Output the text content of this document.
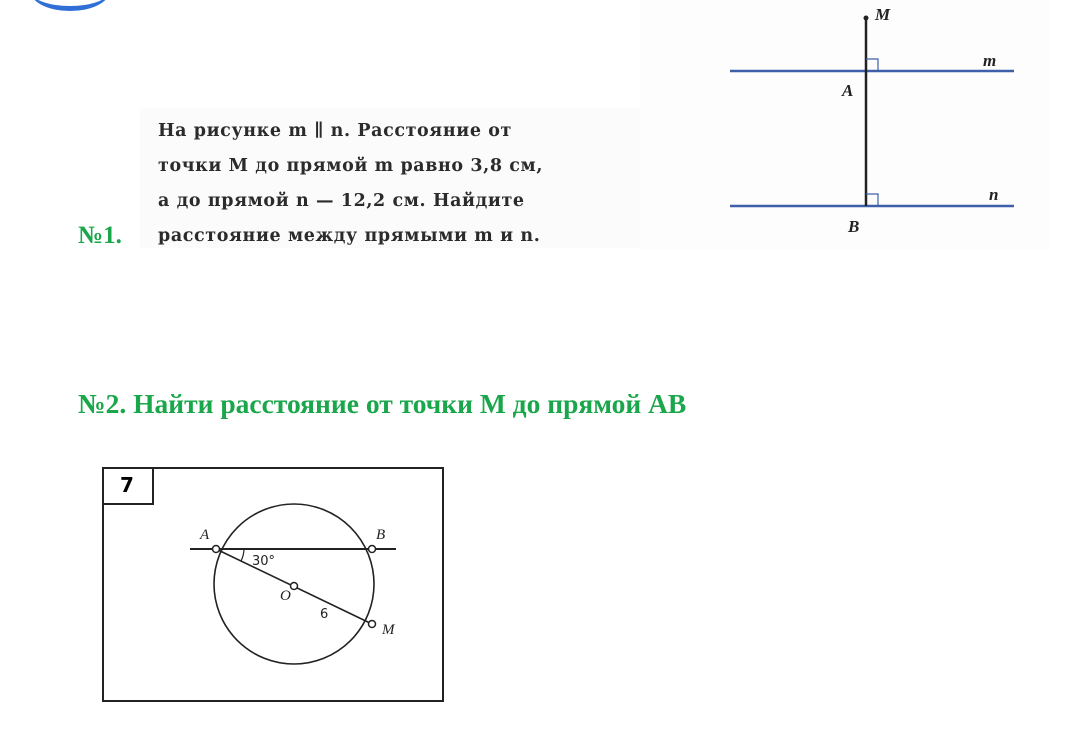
№1.

На рисунке m ∥ n. Расстояние от
точки M до прямой m равно 3,8 см,
а до прямой n — 12,2 см. Найдите
расстояние между прямыми m и n.

M
A
B
m
n
№2. Найти расстояние от точки М до прямой АВ
A	B
O
M
30°
6
7
